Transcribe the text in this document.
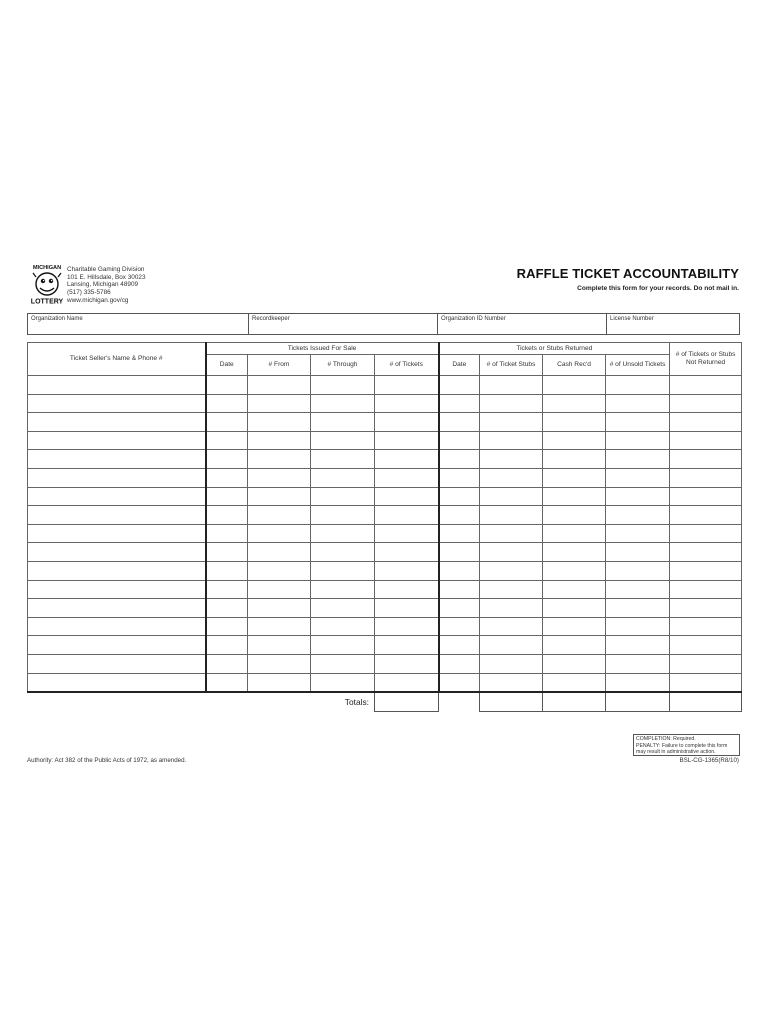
MICHIGAN
LOTTERY
Charitable Gaming Division
101 E. Hillsdale, Box 30023
Lansing, Michigan 48909
(517) 335-5786
www.michigan.gov/cg
RAFFLE TICKET ACCOUNTABILITY
Complete this form for your records. Do not mail in.
Organization Name	Recordkeeper	Organization ID Number	License Number
Ticket Seller's Name & Phone #	Tickets Issued For Sale				Tickets or Stubs Returned				# of Tickets or Stubs Not Returned
	Date	# From	# Through	# of Tickets	Date	# of Ticket Stubs	Cash Rec'd	# of Unsold Tickets	

Totals:									
COMPLETION: Required.
PENALTY: Failure to complete this form may result in administrative action.
BSL-CG-1365(R8/10)
Authority: Act 382 of the Public Acts of 1972, as amended.
